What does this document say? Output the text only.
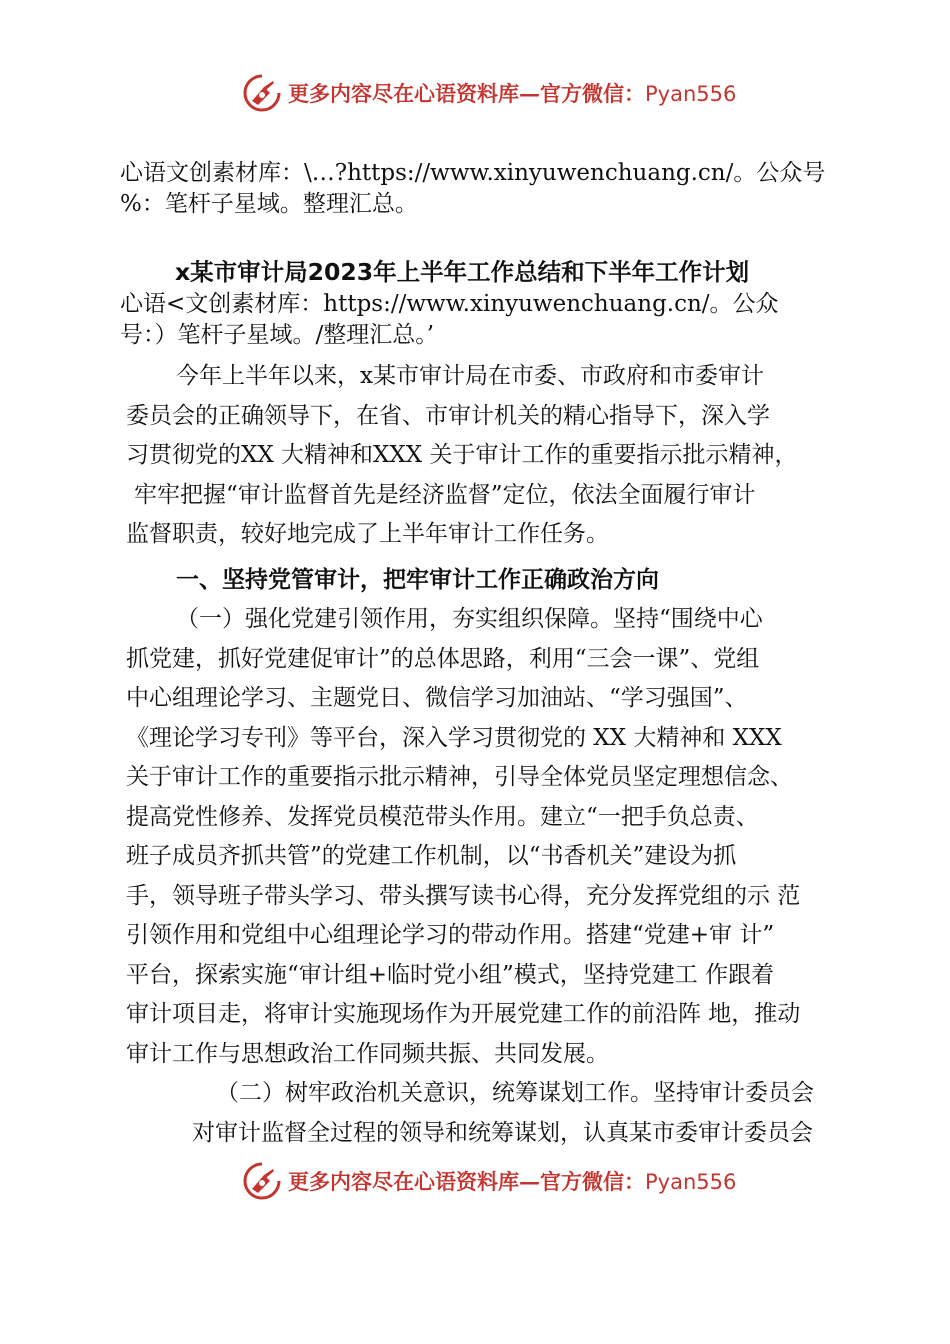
更多内容尽在心语资料库—官方微信：Pyan556
心语文创素材库：\…?https://www.xinyuwenchuang.cn/。公众号
%：笔杆子星域。整理汇总。
x某市审计局2023年上半年工作总结和下半年工作计划
心语<文创素材库：https://www.xinyuwenchuang.cn/。公众
号：）笔杆子星域。/整理汇总。’
今年上半年以来，x某市审计局在市委、市政府和市委审计
委员会的正确领导下，在省、市审计机关的精心指导下，深入学
习贯彻党的XX 大精神和XXX 关于审计工作的重要指示批示精神，
牢牢把握“审计监督首先是经济监督”定位，依法全面履行审计
监督职责，较好地完成了上半年审计工作任务。
一、坚持党管审计，把牢审计工作正确政治方向
（一）强化党建引领作用，夯实组织保障。坚持“围绕中心
抓党建，抓好党建促审计”的总体思路，利用“三会一课”、党组
中心组理论学习、主题党日、微信学习加油站、“学习强国”、
《理论学习专刊》等平台，深入学习贯彻党的 XX 大精神和 XXX
关于审计工作的重要指示批示精神，引导全体党员坚定理想信念、
提高党性修养、发挥党员模范带头作用。建立“一把手负总责、
班子成员齐抓共管”的党建工作机制，以“书香机关”建设为抓
手，领导班子带头学习、带头撰写读书心得，充分发挥党组的示 范
引领作用和党组中心组理论学习的带动作用。搭建“党建+审 计”
平台，探索实施“审计组+临时党小组”模式，坚持党建工 作跟着
审计项目走，将审计实施现场作为开展党建工作的前沿阵 地，推动
审计工作与思想政治工作同频共振、共同发展。
（二）树牢政治机关意识，统筹谋划工作。坚持审计委员会
对审计监督全过程的领导和统筹谋划，认真某市委审计委员会
更多内容尽在心语资料库—官方微信：Pyan556
